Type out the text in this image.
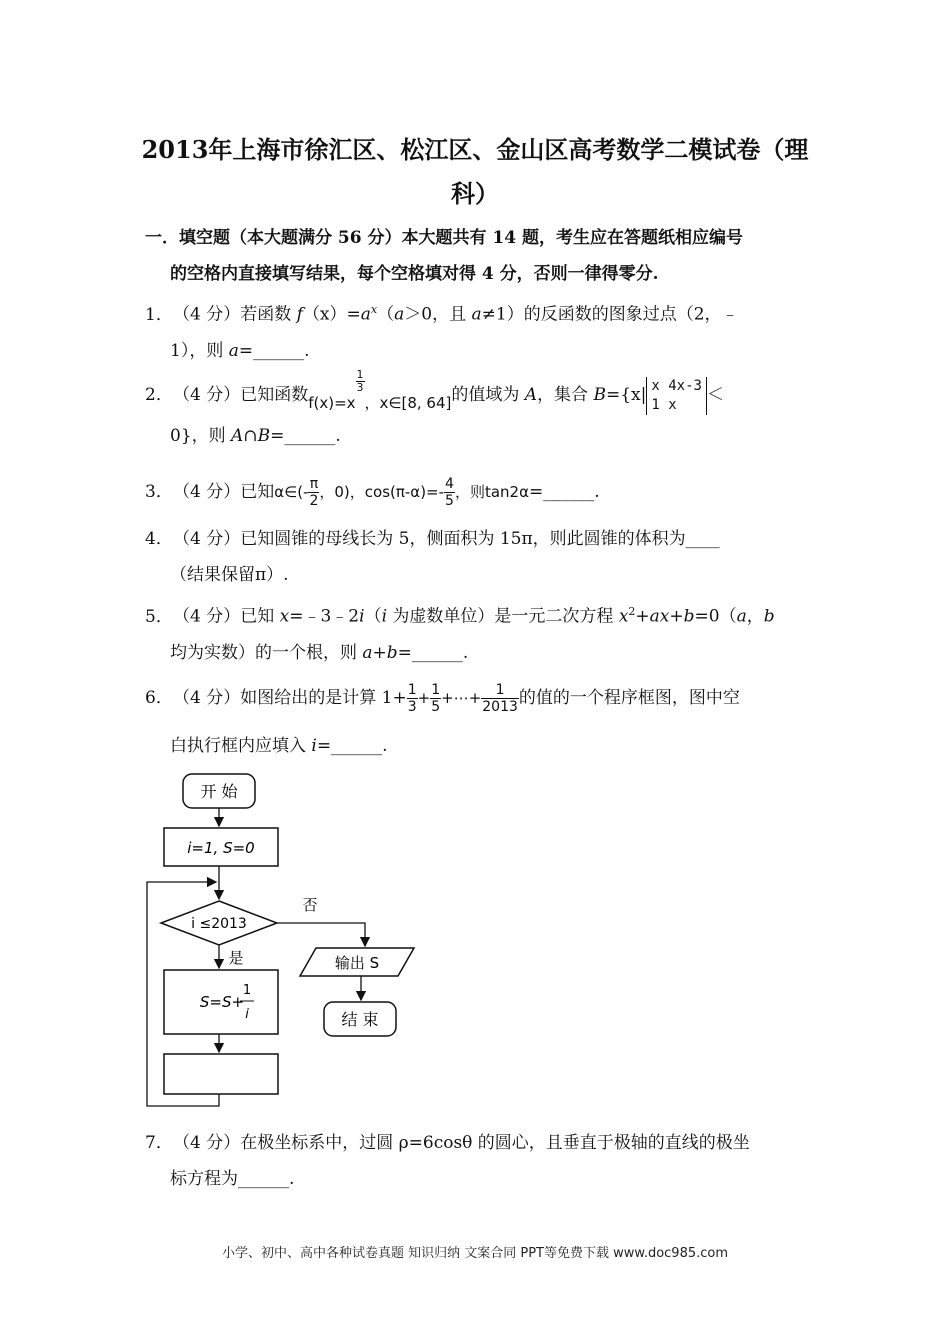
2013年上海市徐汇区、松江区、金山区高考数学二模试卷（理科）
一．填空题（本大题满分 56 分）本大题共有 14 题，考生应在答题纸相应编号
的空格内直接填写结果，每个空格填对得 4 分，否则一律得零分.
1．（4 分）若函数 $f(x)=a^x(a>0$，且 a≠1）的反函数的图象过点（2，﹣
1），则 a=______.
2．（4 分）已知函数f(x)=x
$\frac{1}{3}$
，x∈[8, 64]的值域为 A，集合 B={x| x 4x-3
1 x	＜
0}，则 A∩B=______.
3．（4 分）已知α∈(- $\frac{\pi}{2}$ ，0)，$\cos(\pi-\alpha)=- \frac{4}{5}$ ，则tan2α=______.
4．（4 分）已知圆锥的母线长为 5，侧面积为 15π，则此圆锥的体积为____
（结果保留π）.
5．（4 分）已知 x=﹣3﹣2i（i 为虚数单位）是一元二次方程 $x^2+ax+b=0(a$，b
均为实数）的一个根，则 a+b=______.
6．（4 分）如图给出的是计算 $1+ \frac{1}{3} + \frac{1}{5}$ +⋯+ $\frac{1}{2013}$ 的值的一个程序框图，图中空
白执行框内应填入 i=______.
开 始
i=1, S=0
i ≤2013
否
是
S=S+
1
i
输出 S
结 束
7．（4 分）在极坐标系中，过圆 ρ=6cosθ 的圆心，且垂直于极轴的直线的极坐
标方程为______.
小学、初中、高中各种试卷真题 知识归纳 文案合同 PPT等免费下载 www.doc985.com
